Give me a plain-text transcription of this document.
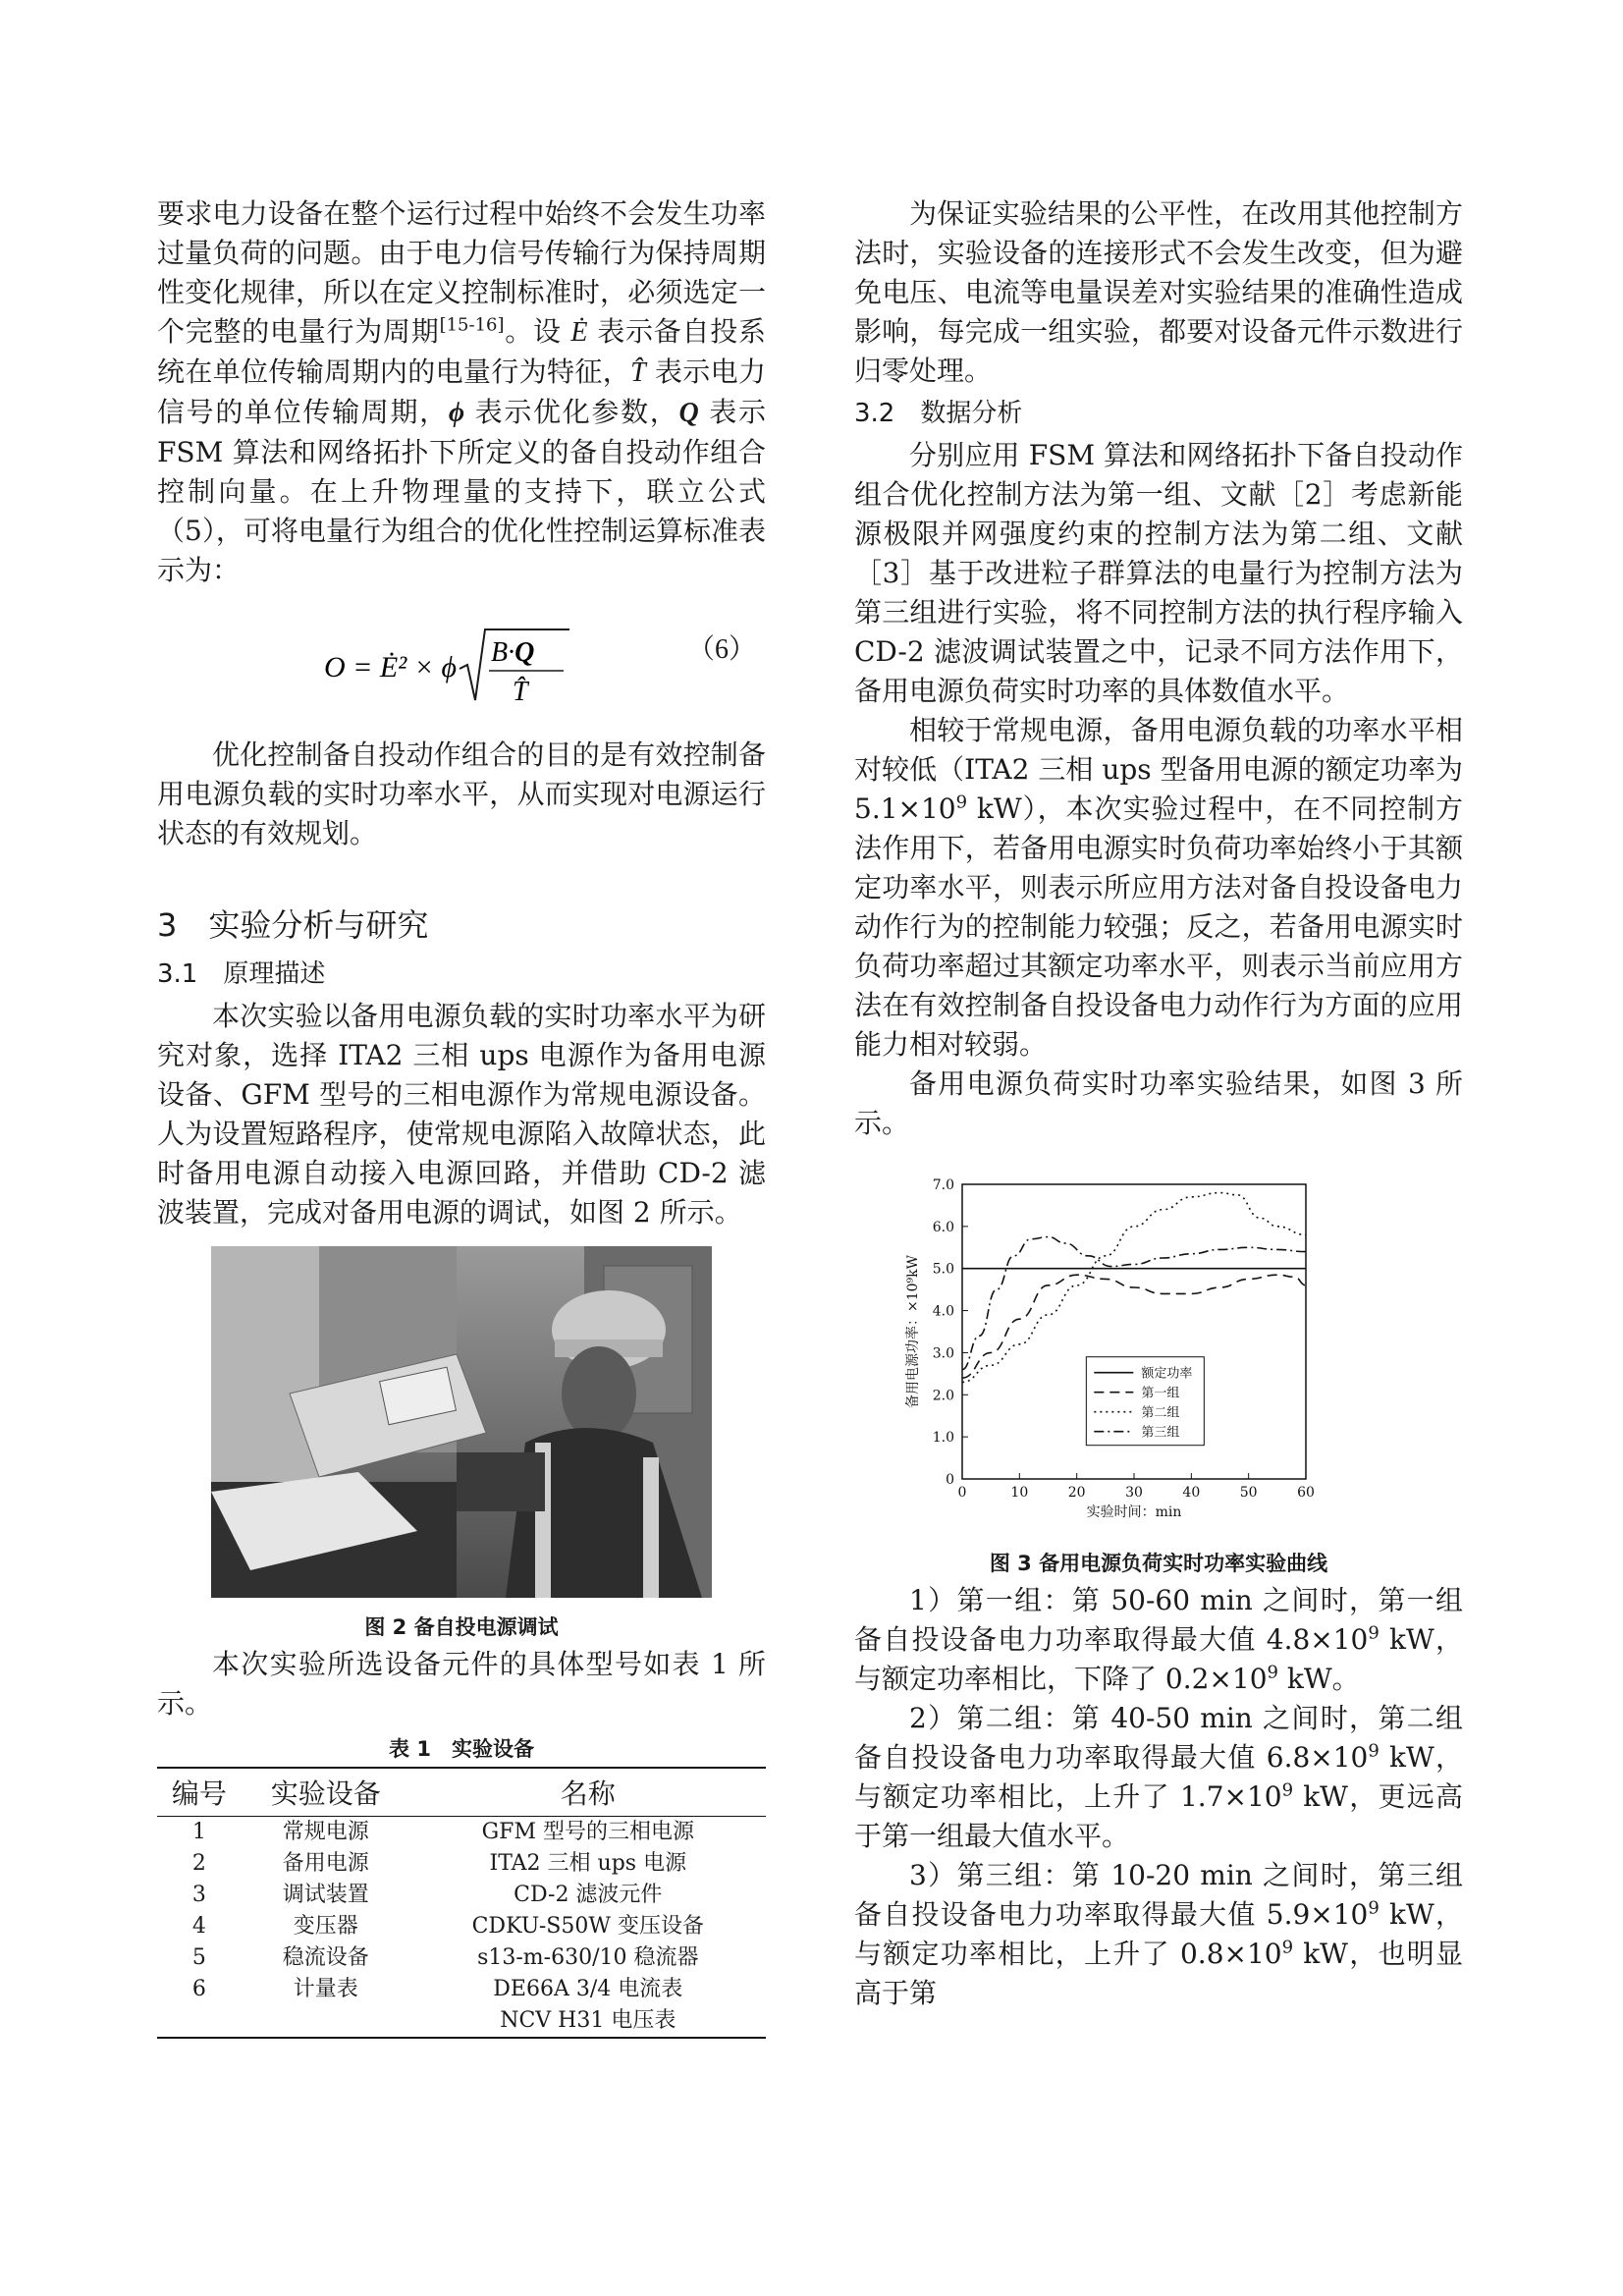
要求电力设备在整个运行过程中始终不会发生功率过量负荷的问题。由于电力信号传输行为保持周期性变化规律，所以在定义控制标准时，必须选定一个完整的电量行为周期[15-16]。设 Ė 表示备自投系统在单位传输周期内的电量行为特征，T̂ 表示电力信号的单位传输周期，ϕ 表示优化参数，Q 表示 FSM 算法和网络拓扑下所定义的备自投动作组合控制向量。在上升物理量的支持下，联立公式（5），可将电量行为组合的优化性控制运算标准表示为：

O = Ė² × ϕ B·Q
T̂
（6）

优化控制备自投动作组合的目的是有效控制备用电源负载的实时功率水平，从而实现对电源运行状态的有效规划。

3　实验分析与研究
3.1　原理描述

本次实验以备用电源负载的实时功率水平为研究对象，选择 ITA2 三相 ups 电源作为备用电源设备、GFM 型号的三相电源作为常规电源设备。人为设置短路程序，使常规电源陷入故障状态，此时备用电源自动接入电源回路，并借助 CD-2 滤波装置，完成对备用电源的调试，如图 2 所示。

图 2 备自投电源调试

本次实验所选设备元件的具体型号如表 1 所示。

表 1　实验设备
编号	实验设备	名称
1	常规电源	GFM 型号的三相电源
2	备用电源	ITA2 三相 ups 电源
3	调试装置	CD-2 滤波元件
4	变压器	CDKU-S50W 变压设备
5	稳流设备	s13-m-630/10 稳流器
6	计量表	DE66A 3/4 电流表
		NCV H31 电压表

为保证实验结果的公平性，在改用其他控制方法时，实验设备的连接形式不会发生改变，但为避免电压、电流等电量误差对实验结果的准确性造成影响，每完成一组实验，都要对设备元件示数进行归零处理。

3.2　数据分析

分别应用 FSM 算法和网络拓扑下备自投动作组合优化控制方法为第一组、文献［2］考虑新能源极限并网强度约束的控制方法为第二组、文献［3］基于改进粒子群算法的电量行为控制方法为第三组进行实验，将不同控制方法的执行程序输入 CD-2 滤波调试装置之中，记录不同方法作用下，备用电源负荷实时功率的具体数值水平。

相较于常规电源，备用电源负载的功率水平相对较低（ITA2 三相 ups 型备用电源的额定功率为 $5.1\times 10^9$ kW），本次实验过程中，在不同控制方法作用下，若备用电源实时负荷功率始终小于其额定功率水平，则表示所应用方法对备自投设备电力动作行为的控制能力较强；反之，若备用电源实时负荷功率超过其额定功率水平，则表示当前应用方法在有效控制备自投设备电力动作行为方面的应用能力相对较弱。

备用电源负荷实时功率实验结果，如图 3 所示。

0
1.0
2.0
3.0
4.0
5.0
6.0
7.0
0	10	20	30	40	50	60
实验时间：min
备用电源功率：×10⁹kW	额定功率
第一组
第二组
第三组
图 3 备用电源负荷实时功率实验曲线

1）第一组：第 50-60 min 之间时，第一组备自投设备电力功率取得最大值 $4.8\times 10^9$ kW，与额定功率相比，下降了 $0.2\times 10^9$ kW。

2）第二组：第 40-50 min 之间时，第二组备自投设备电力功率取得最大值 $6.8\times 10^9$ kW，与额定功率相比，上升了 $1.7\times 10^9$ kW，更远高于第一组最大值水平。

3）第三组：第 10-20 min 之间时，第三组备自投设备电力功率取得最大值 $5.9\times 10^9$ kW，与额定功率相比，上升了 $0.8\times 10^9$ kW，也明显高于第
